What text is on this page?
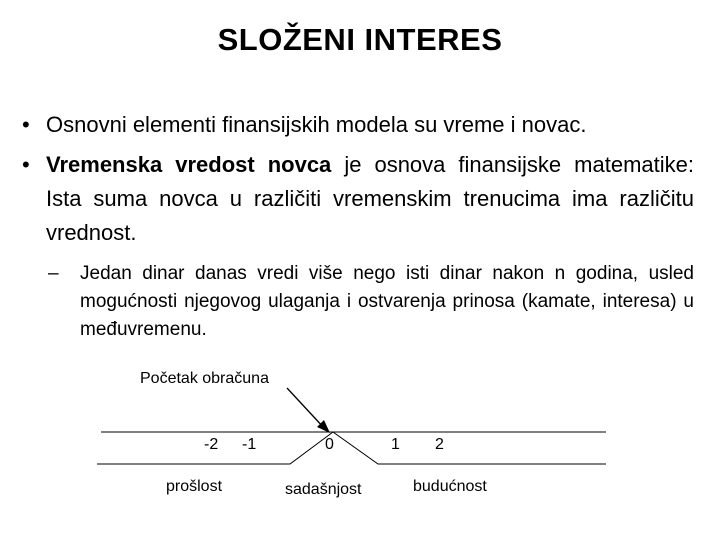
SLOŽENI INTERES
• Osnovni elementi finansijskih modela su vreme i novac.
• Vremenska vredost novca je osnova finansijske matematike: Ista suma novca u različiti vremenskim trenucima ima različitu vrednost.
– Jedan dinar danas vredi više nego isti dinar nakon n godina, usled mogućnosti njegovog ulaganja i ostvarenja prinosa (kamate, interesa) u međuvremenu.
Početak obračuna
-2 -1	0	1 2
prošlost	sadašnjost	budućnost
